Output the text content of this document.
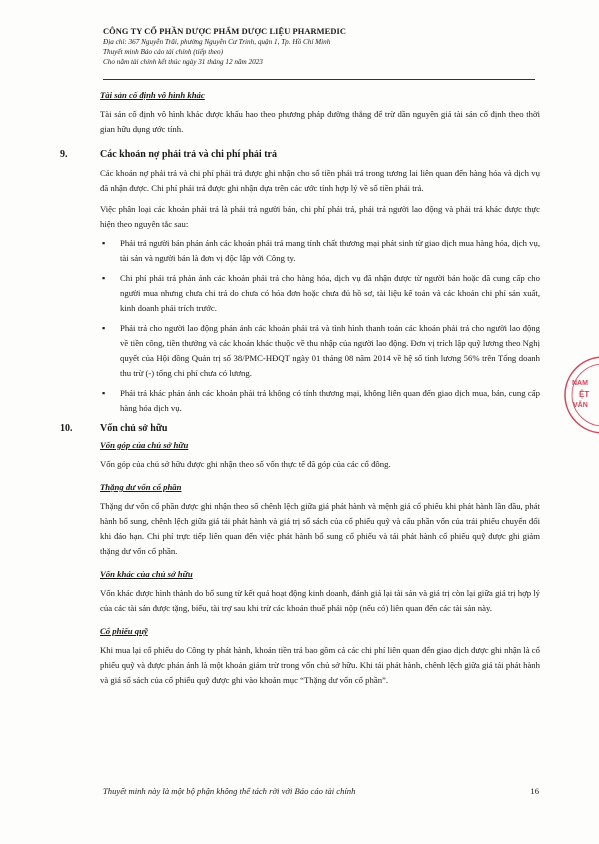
CÔNG TY CỔ PHẦN DƯỢC PHẨM DƯỢC LIỆU PHARMEDIC
Địa chỉ: 367 Nguyễn Trãi, phường Nguyễn Cư Trinh, quận 1, Tp. Hồ Chí Minh
Thuyết minh Báo cáo tài chính (tiếp theo)
Cho năm tài chính kết thúc ngày 31 tháng 12 năm 2023
NAM
VĂN
ỆT
Tài sản cố định vô hình khác
Tài sản cố định vô hình khác được khấu hao theo phương pháp đường thẳng để trừ dần nguyên giá tài sản cố định theo thời gian hữu dụng ước tính.
9.	Các khoản nợ phải trả và chi phí phải trả
Các khoản nợ phải trả và chi phí phải trả được ghi nhận cho số tiền phải trả trong tương lai liên quan đến hàng hóa và dịch vụ đã nhận được. Chi phí phải trả được ghi nhận dựa trên các ước tính hợp lý về số tiền phải trả.
Việc phân loại các khoản phải trả là phải trả người bán, chi phí phải trả, phải trả người lao động và phải trả khác được thực hiện theo nguyên tắc sau:
▪ Phải trả người bán phản ánh các khoản phải trả mang tính chất thương mại phát sinh từ giao dịch mua hàng hóa, dịch vụ, tài sản và người bán là đơn vị độc lập với Công ty.
▪ Chi phí phải trả phản ánh các khoản phải trả cho hàng hóa, dịch vụ đã nhận được từ người bán hoặc đã cung cấp cho người mua nhưng chưa chi trả do chưa có hóa đơn hoặc chưa đủ hồ sơ, tài liệu kế toán và các khoản chi phí sản xuất, kinh doanh phải trích trước.
▪ Phải trả cho người lao động phản ánh các khoản phải trả và tình hình thanh toán các khoản phải trả cho người lao động về tiền công, tiền thưởng và các khoản khác thuộc về thu nhập của người lao động. Đơn vị trích lập quỹ lương theo Nghị quyết của Hội đồng Quản trị số 38/PMC-HĐQT ngày 01 tháng 08 năm 2014 về hệ số tính lương 56% trên Tổng doanh thu trừ (-) tổng chi phí chưa có lương.
▪ Phải trả khác phản ánh các khoản phải trả không có tính thương mại, không liên quan đến giao dịch mua, bán, cung cấp hàng hóa dịch vụ.
10.	Vốn chủ sở hữu
Vốn góp của chủ sở hữu
Vốn góp của chủ sở hữu được ghi nhận theo số vốn thực tế đã góp của các cổ đông.
Thặng dư vốn cổ phần
Thặng dư vốn cổ phần được ghi nhận theo số chênh lệch giữa giá phát hành và mệnh giá cổ phiếu khi phát hành lần đầu, phát hành bổ sung, chênh lệch giữa giá tái phát hành và giá trị sổ sách của cổ phiếu quỹ và cấu phần vốn của trái phiếu chuyển đổi khi đáo hạn. Chi phí trực tiếp liên quan đến việc phát hành bổ sung cổ phiếu và tái phát hành cổ phiếu quỹ được ghi giảm thặng dư vốn cổ phần.
Vốn khác của chủ sở hữu
Vốn khác được hình thành do bổ sung từ kết quả hoạt động kinh doanh, đánh giá lại tài sản và giá trị còn lại giữa giá trị hợp lý của các tài sản được tặng, biếu, tài trợ sau khi trừ các khoản thuế phải nộp (nếu có) liên quan đến các tài sản này.
Cổ phiếu quỹ
Khi mua lại cổ phiếu do Công ty phát hành, khoản tiền trả bao gồm cả các chi phí liên quan đến giao dịch được ghi nhận là cổ phiếu quỹ và được phản ánh là một khoản giảm trừ trong vốn chủ sở hữu. Khi tái phát hành, chênh lệch giữa giá tái phát hành và giá sổ sách của cổ phiếu quỹ được ghi vào khoản mục “Thặng dư vốn cổ phần”.
Thuyết minh này là một bộ phận không thể tách rời với Báo cáo tài chính	16
